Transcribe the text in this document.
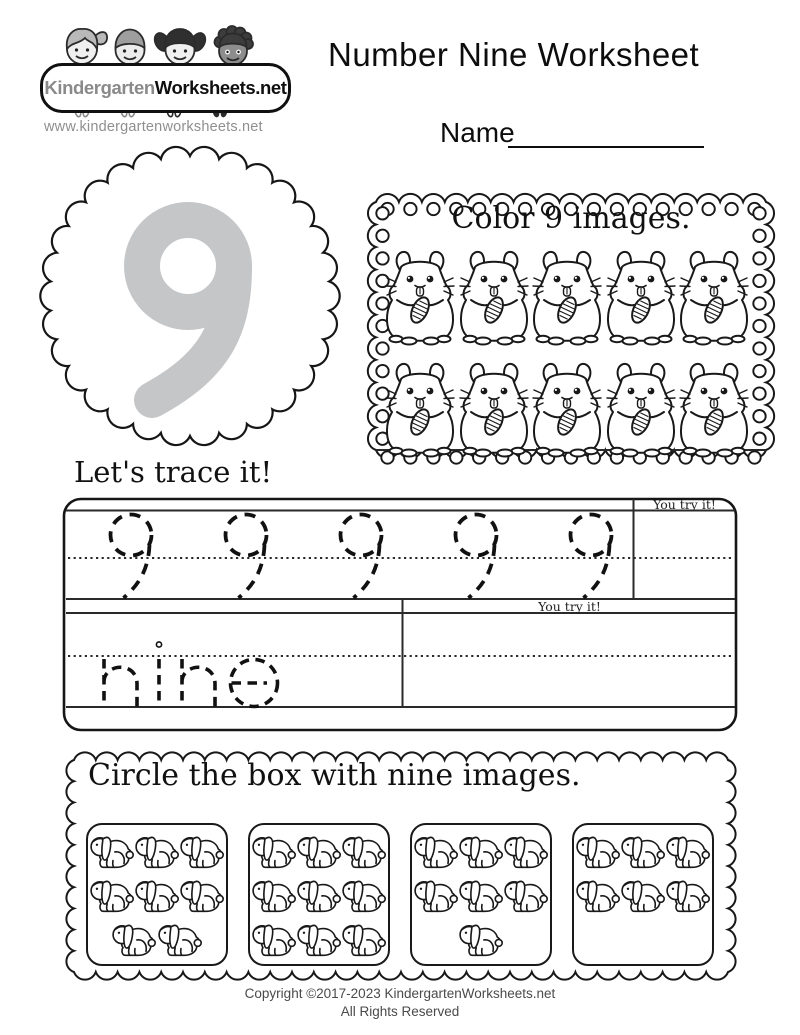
Kindergarten Worksheets.net
www.kindergartenworksheets.net
Number Nine Worksheet
Name
Let's trace it!
Color 9 images.
You try it!
You try it!
Circle the box with nine images.
Copyright ©2017-2023 KindergartenWorksheets.net
All Rights Reserved
